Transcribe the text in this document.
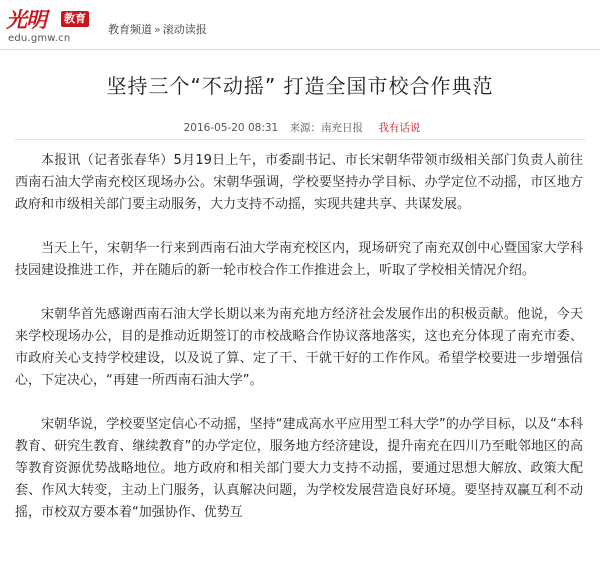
光明 教育
edu.gmw.cn
教育频道 » 滚动读报
坚持三个“不动摇” 打造全国市校合作典范
2016-05-20 08:31 来源：南充日报 我有话说

本报讯（记者张春华）5月19日上午，市委副书记、市长宋朝华带领市级相关部门负责人前往西南石油大学南充校区现场办公。宋朝华强调，学校要坚持办学目标、办学定位不动摇，市区地方政府和市级相关部门要主动服务，大力支持不动摇，实现共建共享、共谋发展。

当天上午，宋朝华一行来到西南石油大学南充校区内，现场研究了南充双创中心暨国家大学科技园建设推进工作，并在随后的新一轮市校合作工作推进会上，听取了学校相关情况介绍。

宋朝华首先感谢西南石油大学长期以来为南充地方经济社会发展作出的积极贡献。他说，今天来学校现场办公，目的是推动近期签订的市校战略合作协议落地落实，这也充分体现了南充市委、市政府关心支持学校建设，以及说了算、定了干、干就干好的工作作风。希望学校要进一步增强信心，下定决心，“再建一所西南石油大学”。

宋朝华说，学校要坚定信心不动摇，坚持“建成高水平应用型工科大学”的办学目标，以及“本科教育、研究生教育、继续教育”的办学定位，服务地方经济建设，提升南充在四川乃至毗邻地区的高等教育资源优势战略地位。地方政府和相关部门要大力支持不动摇，要通过思想大解放、政策大配套、作风大转变，主动上门服务，认真解决问题，为学校发展营造良好环境。要坚持双赢互利不动摇，市校双方要本着“加强协作、优势互
